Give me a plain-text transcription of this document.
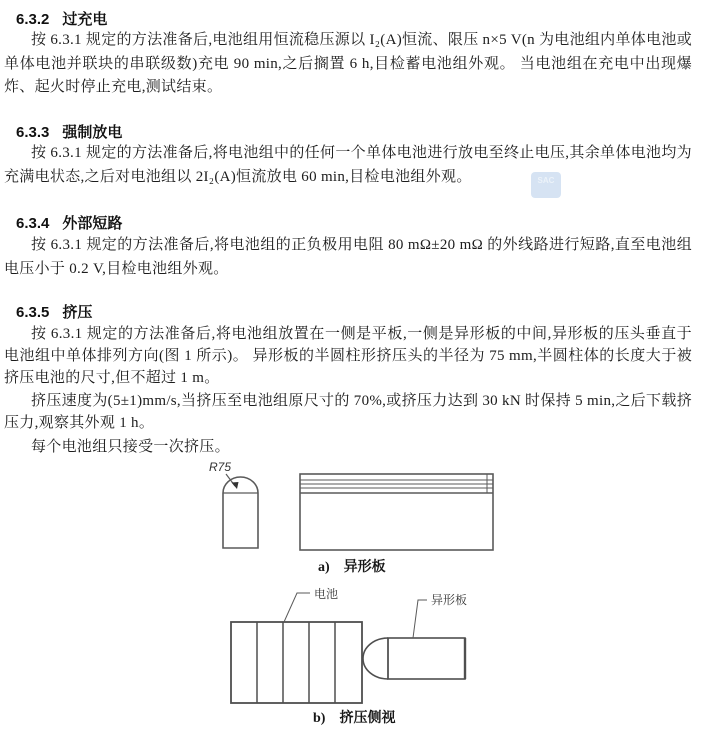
6.3.2 过充电
按 6.3.1 规定的方法准备后,电池组用恒流稳压源以 I₂(A)恒流、限压 n×5 V(n 为电池组内单体电池或单体电池并联块的串联级数)充电 90 min,之后搁置 6 h,目检蓄电池组外观。 当电池组在充电中出现爆炸、起火时停止充电,测试结束。
6.3.3 强制放电
按 6.3.1 规定的方法准备后,将电池组中的任何一个单体电池进行放电至终止电压,其余单体电池均为充满电状态,之后对电池组以 2I₂(A)恒流放电 60 min,目检电池组外观。	SAC
6.3.4 外部短路
按 6.3.1 规定的方法准备后,将电池组的正负极用电阻 80 mΩ±20 mΩ 的外线路进行短路,直至电池组电压小于 0.2 V,目检电池组外观。
6.3.5 挤压
按 6.3.1 规定的方法准备后,将电池组放置在一侧是平板,一侧是异形板的中间,异形板的压头垂直于电池组中单体排列方向(图 1 所示)。 异形板的半圆柱形挤压头的半径为 75 mm,半圆柱体的长度大于被挤压电池的尺寸,但不超过 1 m。
挤压速度为(5±1)mm/s,当挤压至电池组原尺寸的 70%,或挤压力达到 30 kN 时保持 5 min,之后下载挤压力,观察其外观 1 h。
每个电池组只接受一次挤压。
R75
a) 异形板
电池	异形板
b) 挤压侧视
